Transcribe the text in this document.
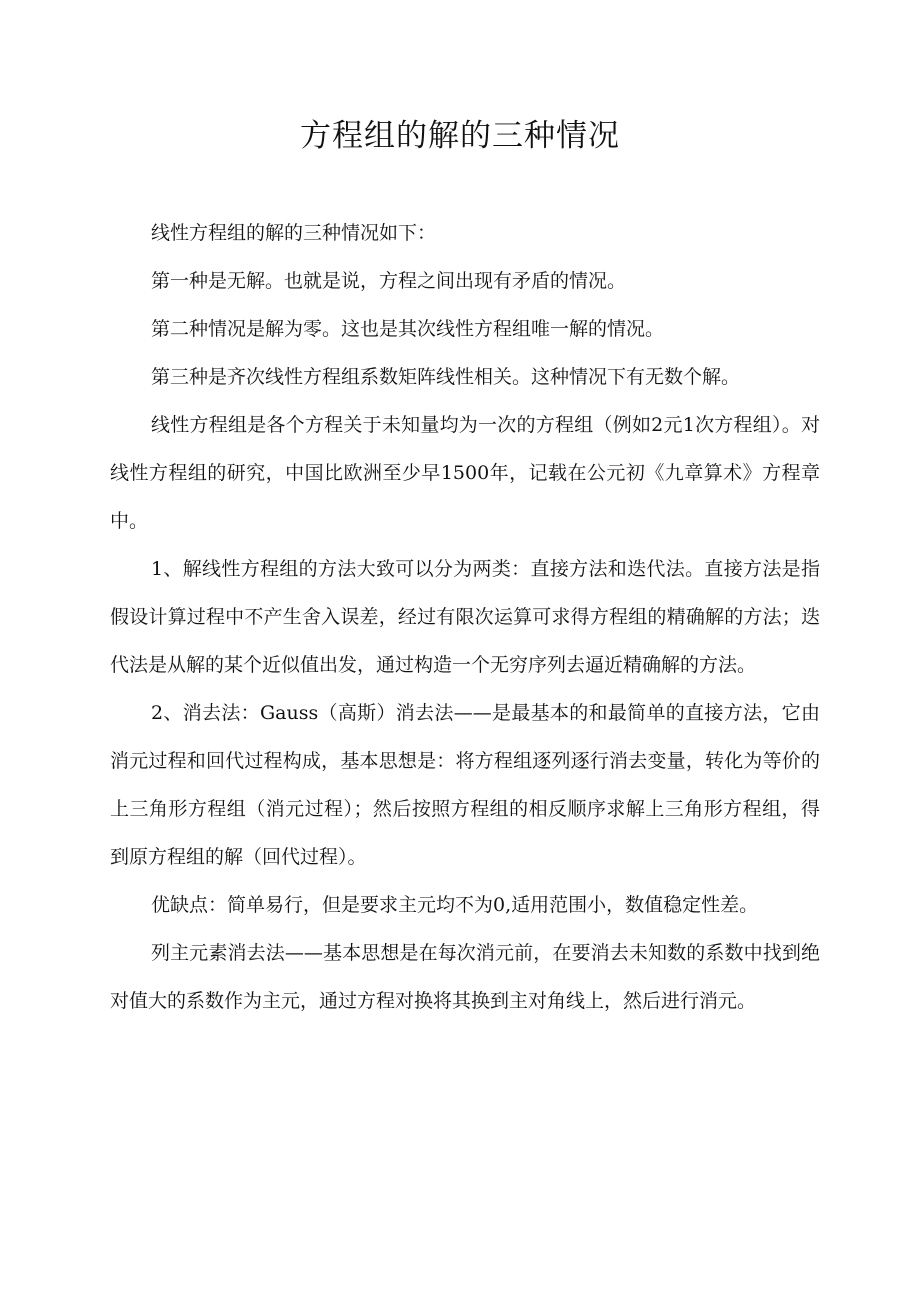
方程组的解的三种情况

线性方程组的解的三种情况如下：

第一种是无解。也就是说，方程之间出现有矛盾的情况。

第二种情况是解为零。这也是其次线性方程组唯一解的情况。

第三种是齐次线性方程组系数矩阵线性相关。这种情况下有无数个解。

线性方程组是各个方程关于未知量均为一次的方程组（例如2元1次方程组）。对线性方程组的研究，中国比欧洲至少早1500年，记载在公元初《九章算术》方程章中。

1、解线性方程组的方法大致可以分为两类：直接方法和迭代法。直接方法是指假设计算过程中不产生舍入误差，经过有限次运算可求得方程组的精确解的方法；迭代法是从解的某个近似值出发，通过构造一个无穷序列去逼近精确解的方法。

2、消去法：Gauss（高斯）消去法——是最基本的和最简单的直接方法，它由消元过程和回代过程构成，基本思想是：将方程组逐列逐行消去变量，转化为等价的上三角形方程组（消元过程）；然后按照方程组的相反顺序求解上三角形方程组，得到原方程组的解（回代过程）。

优缺点：简单易行，但是要求主元均不为0,适用范围小，数值稳定性差。

列主元素消去法——基本思想是在每次消元前，在要消去未知数的系数中找到绝对值大的系数作为主元，通过方程对换将其换到主对角线上，然后进行消元。
